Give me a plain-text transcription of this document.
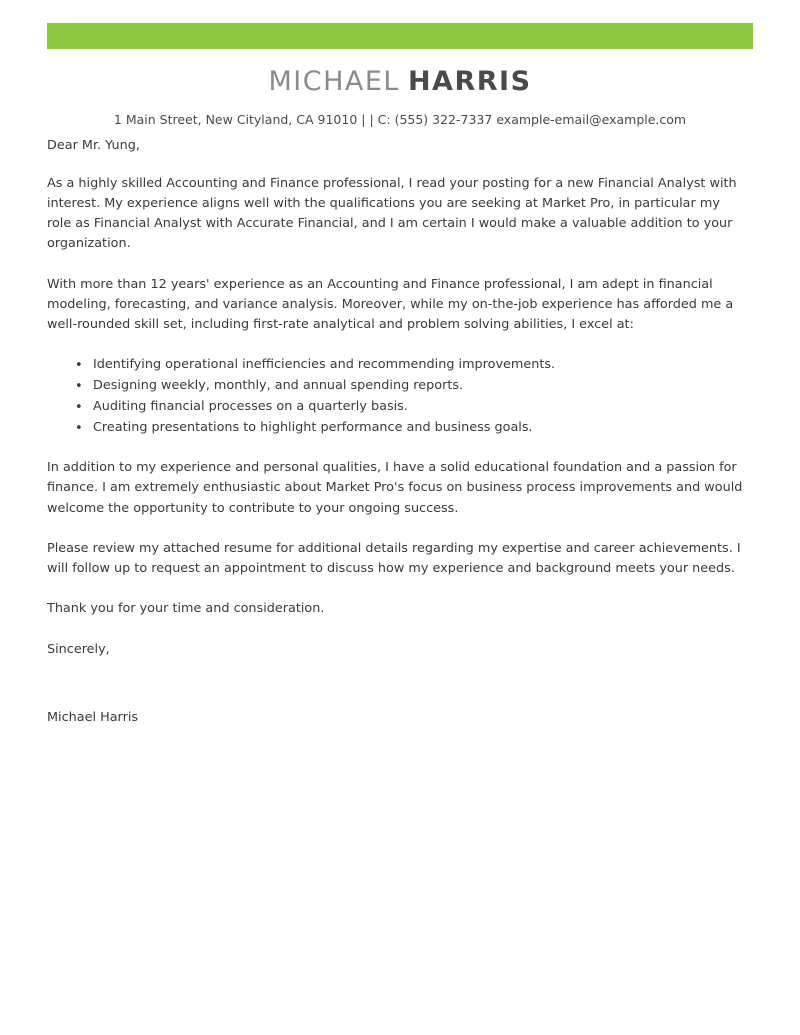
MICHAEL HARRIS
1 Main Street, New Cityland, CA 91010 | | C: (555) 322-7337 example-email@example.com

Dear Mr. Yung,

As a highly skilled Accounting and Finance professional, I read your posting for a new Financial Analyst with interest. My experience aligns well with the qualifications you are seeking at Market Pro, in particular my role as Financial Analyst with Accurate Financial, and I am certain I would make a valuable addition to your organization.

With more than 12 years' experience as an Accounting and Finance professional, I am adept in financial modeling, forecasting, and variance analysis. Moreover, while my on-the-job experience has afforded me a well-rounded skill set, including first-rate analytical and problem solving abilities, I excel at:

• Identifying operational inefficiencies and recommending improvements.
• Designing weekly, monthly, and annual spending reports.
• Auditing financial processes on a quarterly basis.
• Creating presentations to highlight performance and business goals.

In addition to my experience and personal qualities, I have a solid educational foundation and a passion for finance. I am extremely enthusiastic about Market Pro's focus on business process improvements and would welcome the opportunity to contribute to your ongoing success.

Please review my attached resume for additional details regarding my expertise and career achievements. I will follow up to request an appointment to discuss how my experience and background meets your needs.

Thank you for your time and consideration.

Sincerely,

Michael Harris
